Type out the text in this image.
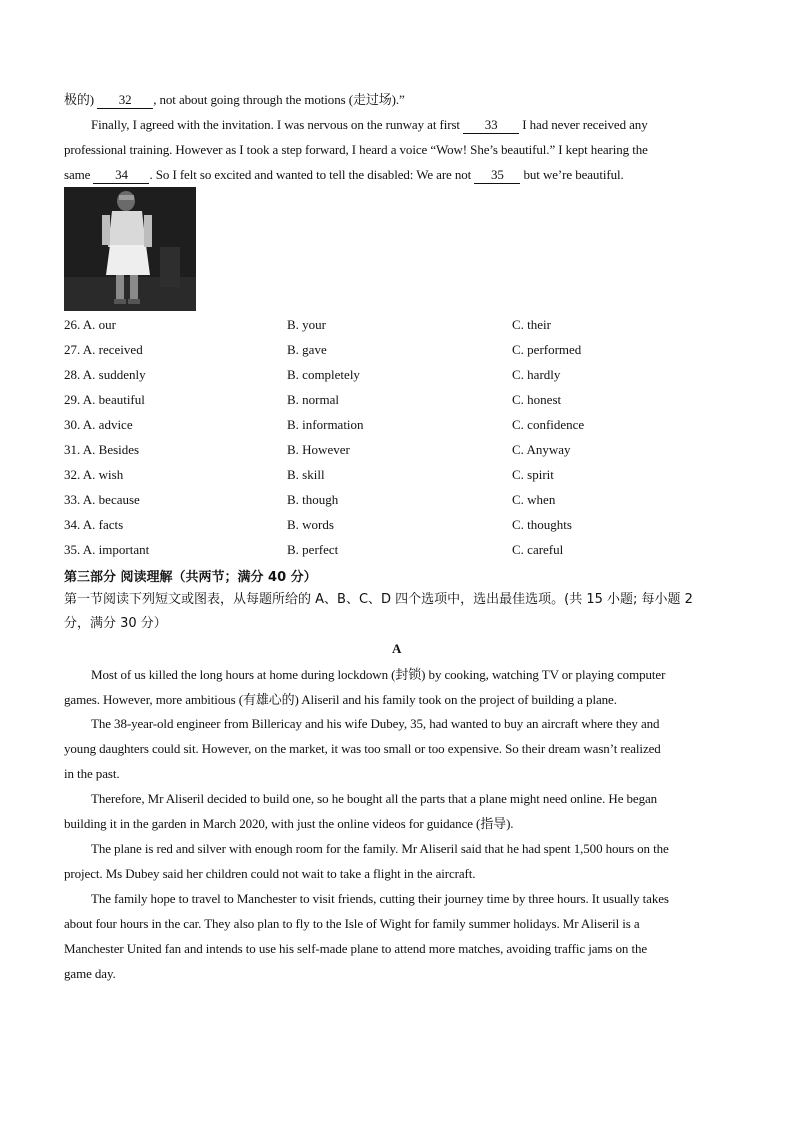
极的) 32 , not about going through the motions (走过场).”

Finally, I agreed with the invitation. I was nervous on the runway at first 33 I had never received any

professional training. However as I took a step forward, I heard a voice “Wow! She’s beautiful.” I kept hearing the

same 34 . So I felt so excited and wanted to tell the disabled: We are not 35 but we’re beautiful.

26. A. our	B. your	C. their
27. A. received	B. gave	C. performed
28. A. suddenly	B. completely	C. hardly
29. A. beautiful	B. normal	C. honest
30. A. advice	B. information	C. confidence
31. A. Besides	B. However	C. Anyway
32. A. wish	B. skill	C. spirit
33. A. because	B. though	C. when
34. A. facts	B. words	C. thoughts
35. A. important	B. perfect	C. careful

第三部分 阅读理解（共两节；满分 40 分）

第一节阅读下列短文或图表，从每题所给的 A、B、C、D 四个选项中，选出最佳选项。(共 15 小题; 每小题 2

分，满分 30 分）

A

Most of us killed the long hours at home during lockdown (封锁) by cooking, watching TV or playing computer

games. However, more ambitious (有雄心的) Aliseril and his family took on the project of building a plane.

The 38-year-old engineer from Billericay and his wife Dubey, 35, had wanted to buy an aircraft where they and

young daughters could sit. However, on the market, it was too small or too expensive. So their dream wasn’t realized

in the past.

Therefore, Mr Aliseril decided to build one, so he bought all the parts that a plane might need online. He began

building it in the garden in March 2020, with just the online videos for guidance (指导).

The plane is red and silver with enough room for the family. Mr Aliseril said that he had spent 1,500 hours on the

project. Ms Dubey said her children could not wait to take a flight in the aircraft.

The family hope to travel to Manchester to visit friends, cutting their journey time by three hours. It usually takes

about four hours in the car. They also plan to fly to the Isle of Wight for family summer holidays. Mr Aliseril is a

Manchester United fan and intends to use his self-made plane to attend more matches, avoiding traffic jams on the

game day.
